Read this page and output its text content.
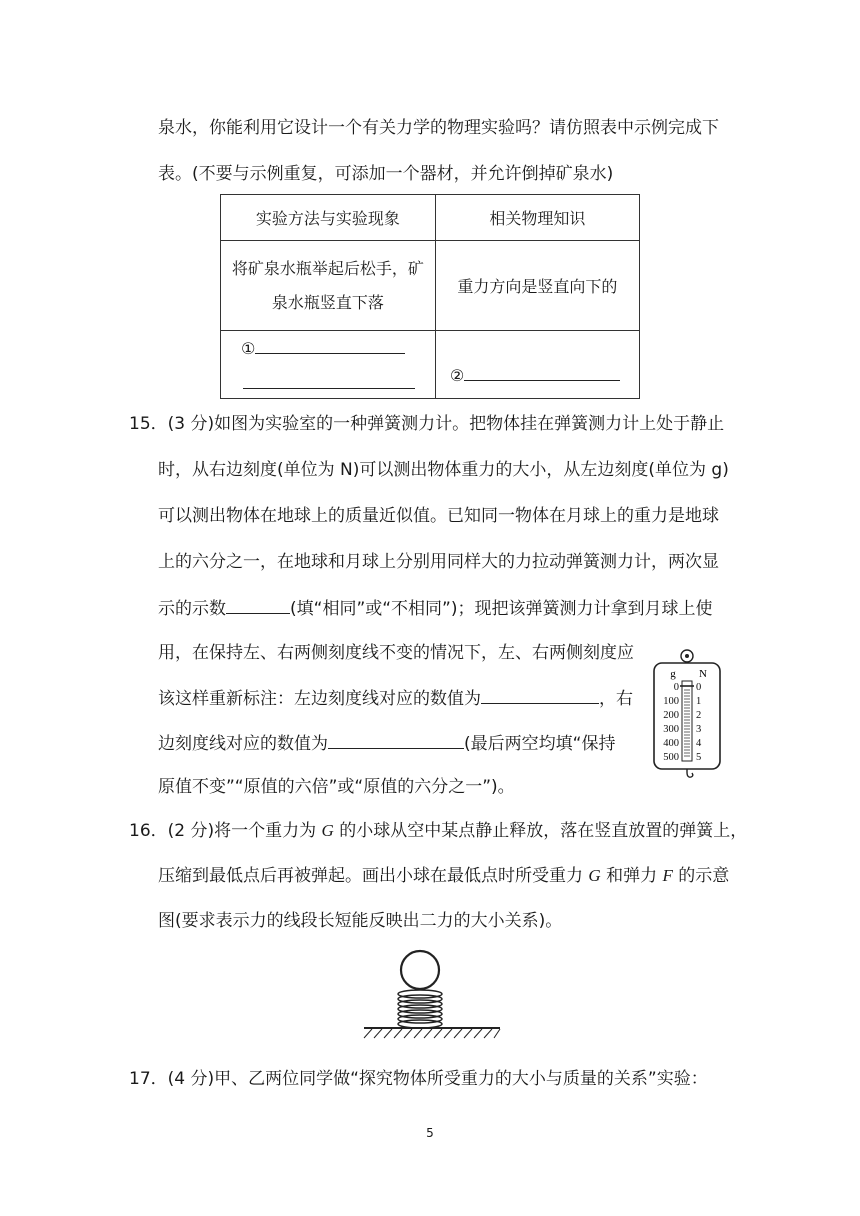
泉水，你能利用它设计一个有关力学的物理实验吗？请仿照表中示例完成下
表。(不要与示例重复，可添加一个器材，并允许倒掉矿泉水)
实验方法与实验现象	相关物理知识

将矿泉水瓶举起后松手，矿
泉水瓶竖直下落	重力方向是竖直向下的

①	②
15．(3 分)如图为实验室的一种弹簧测力计。把物体挂在弹簧测力计上处于静止
时，从右边刻度(单位为 N)可以测出物体重力的大小，从左边刻度(单位为 g)
可以测出物体在地球上的质量近似值。已知同一物体在月球上的重力是地球
上的六分之一，在地球和月球上分别用同样大的力拉动弹簧测力计，两次显
示的示数	(填“相同”或“不相同”)；现把该弹簧测力计拿到月球上使
用，在保持左、右两侧刻度线不变的情况下，左、右两侧刻度应
该这样重新标注：左边刻度线对应的数值为	，右
边刻度线对应的数值为	(最后两空均填“保持
原值不变”“原值的六倍”或“原值的六分之一”)。
g N
0
100
200
300
400
500
0
1
2
3
4
5
16．(2 分)将一个重力为 G 的小球从空中某点静止释放，落在竖直放置的弹簧上，
压缩到最低点后再被弹起。画出小球在最低点时所受重力 G 和弹力 F 的示意
图(要求表示力的线段长短能反映出二力的大小关系)。
17．(4 分)甲、乙两位同学做“探究物体所受重力的大小与质量的关系”实验：
5
